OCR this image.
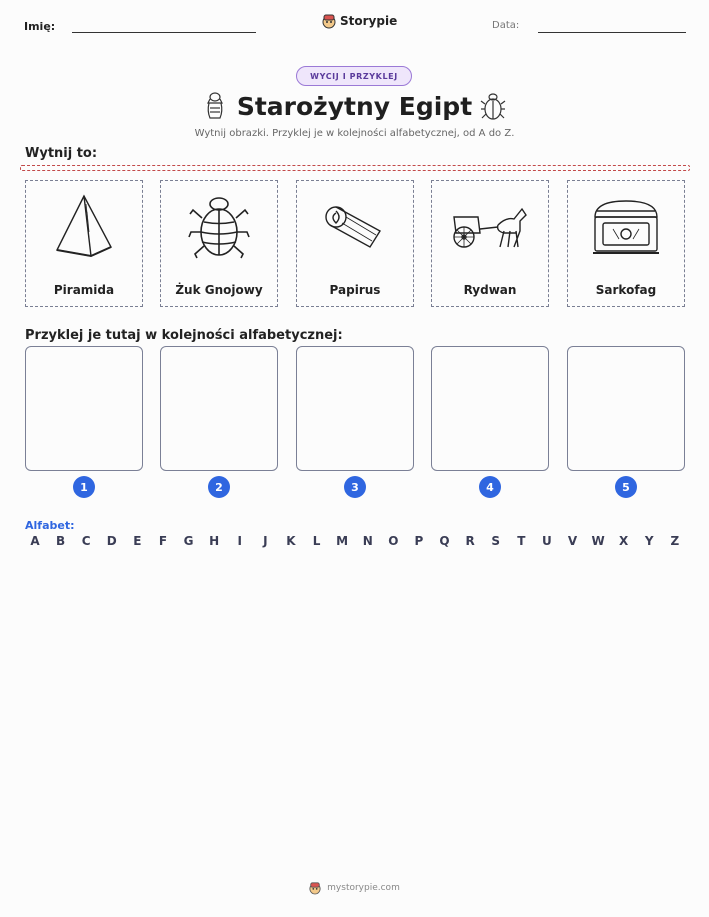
Imię:	Storypie	Data:
WYCIJ I PRZYKLEJ
Starożytny Egipt
Wytnij obrazki. Przyklej je w kolejności alfabetycznej, od A do Z.
Wytnij to:
Piramida	Żuk Gnojowy	Papirus	Rydwan	Sarkofag
Przyklej je tutaj w kolejności alfabetycznej:
1	2	3	4	5
Alfabet:
A	B	C	D	E	F	G	H	I	J	K	L	M	N	O	P	Q	R	S	T	U	V	W	X	Y	Z
mystorypie.com
